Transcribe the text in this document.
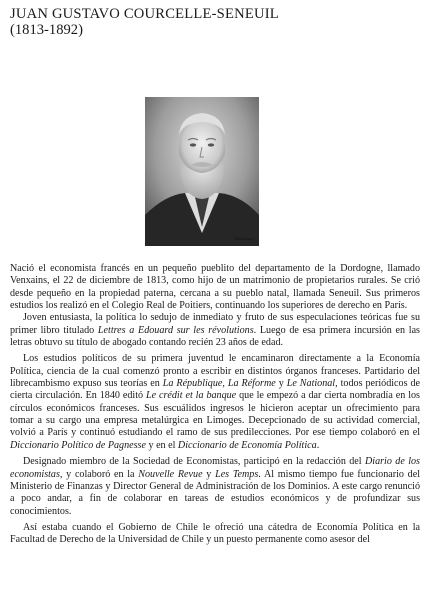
JUAN GUSTAVO COURCELLE-SENEUIL
(1813-1892)
Espinosa f.

Nació el economista francés en un pequeño pueblito del departamento de la Dordogne, llamado Venxains, el 22 de diciembre de 1813, como hijo de un matrimonio de propietarios rurales. Se crió desde pequeño en la propiedad paterna, cercana a su pueblo natal, llamada Seneuil. Sus primeros estudios los realizó en el Colegio Real de Poitiers, continuando los superiores de derecho en París.

Joven entusiasta, la política lo sedujo de inmediato y fruto de sus especulaciones teóricas fue su primer libro titulado Lettres a Edouard sur les révolutions. Luego de esa primera incursión en las letras obtuvo su título de abogado contando recién 23 años de edad.

Los estudios políticos de su primera juventud le encaminaron directamente a la Economía Política, ciencia de la cual comenzó pronto a escribir en distintos órganos franceses. Partidario del librecambismo expuso sus teorías en La République, La Réforme y Le National, todos periódicos de cierta circulación. En 1840 editó Le crédit et la banque que le empezó a dar cierta nombradía en los círculos económicos franceses. Sus escuálidos ingresos le hicieron aceptar un ofrecimiento para tomar a su cargo una empresa metalúrgica en Limoges. Decepcionado de su actividad comercial, volvió a París y continuó estudiando el ramo de sus predilecciones. Por ese tiempo colaboró en el Diccionario Político de Pagnesse y en el Diccionario de Economía Política.

Designado miembro de la Sociedad de Economistas, participó en la redacción del Diario de los economistas, y colaboró en la Nouvelle Revue y Les Temps. Al mismo tiempo fue funcionario del Ministerio de Finanzas y Director General de Administración de los Dominios. A este cargo renunció a poco andar, a fin de colaborar en tareas de estudios económicos y de profundizar sus conocimientos.

Así estaba cuando el Gobierno de Chile le ofreció una cátedra de Economía Política en la Facultad de Derecho de la Universidad de Chile y un puesto permanente como asesor del
